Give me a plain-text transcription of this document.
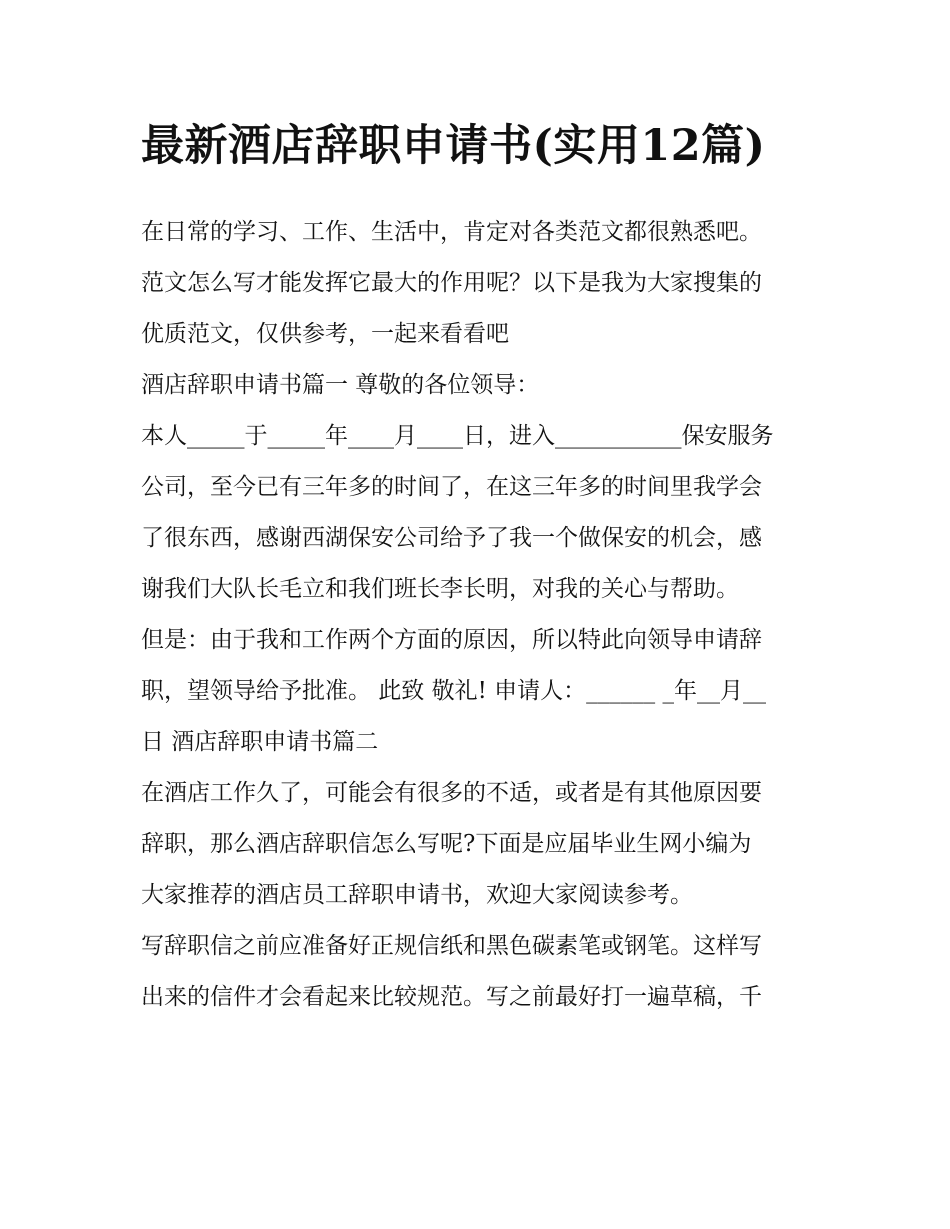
最新酒店辞职申请书(实用12篇)
在日常的学习、工作、生活中，肯定对各类范文都很熟悉吧。
范文怎么写才能发挥它最大的作用呢？以下是我为大家搜集的
优质范文，仅供参考，一起来看看吧
酒店辞职申请书篇一 尊敬的各位领导：
本人_____于_____年____月____日，进入___________保安服务
公司，至今已有三年多的时间了，在这三年多的时间里我学会
了很东西，感谢西湖保安公司给予了我一个做保安的机会，感
谢我们大队长毛立和我们班长李长明，对我的关心与帮助。
但是：由于我和工作两个方面的原因，所以特此向领导申请辞
职，望领导给予批准。 此致 敬礼! 申请人：______ _年__月__
日 酒店辞职申请书篇二
在酒店工作久了，可能会有很多的不适，或者是有其他原因要
辞职，那么酒店辞职信怎么写呢?下面是应届毕业生网小编为
大家推荐的酒店员工辞职申请书，欢迎大家阅读参考。
写辞职信之前应准备好正规信纸和黑色碳素笔或钢笔。这样写
出来的信件才会看起来比较规范。写之前最好打一遍草稿，千
